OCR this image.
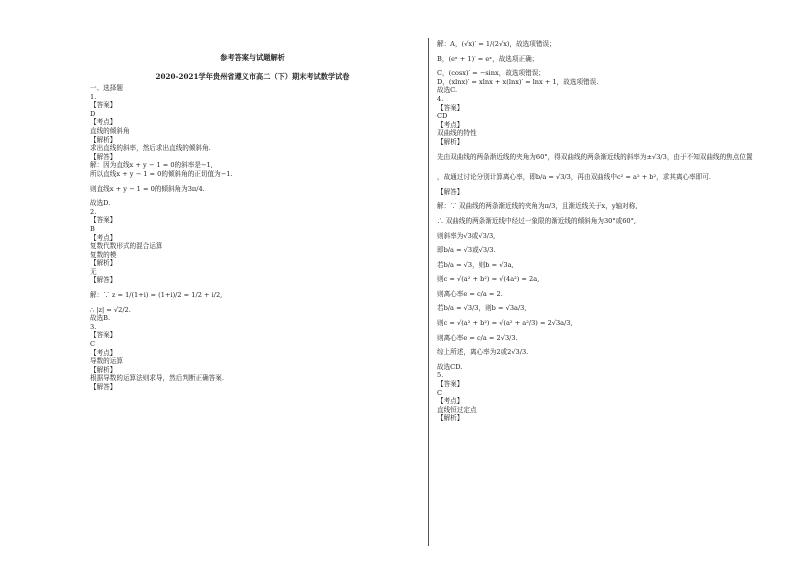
参考答案与试题解析
2020-2021学年贵州省遵义市高二（下）期末考试数学试卷
一、选择题
1.
【答案】
D
【考点】
直线的倾斜角
【解析】
求出直线的斜率，然后求出直线的倾斜角.
【解答】
解：因为直线x + y − 1 = 0的斜率是−1,
所以直线x + y − 1 = 0的倾斜角的正切值为−1.
则直线x + y − 1 = 0的倾斜角为3π/4.
故选D.
2.
【答案】
B
【考点】
复数代数形式的混合运算
复数的模
【解析】
无
【解答】
解：∵ z = 1/(1+i) = (1+i)/2 = 1/2 + i/2,
∴ |z| = √2/2.
故选B.
3.
【答案】
C
【考点】
导数的运算
【解析】
根据导数的运算法则求导，然后判断正确答案.
【解答】
解：A，(√x)′ = 1/(2√x)，故选项错误；
B，(eˣ + 1)′ = eˣ，故选项正确；
C，(cosx)′ = −sinx，故选项错误；
D，(xlnx)′ = xlnx + x(lnx)′ = lnx + 1，故选项错误.
故选C.
4.
【答案】
CD
【考点】
双曲线的特性
【解析】
先由双曲线的两条渐近线的夹角为60°，得双曲线的两条渐近线的斜率为±√3/3，由于不知双曲线的焦点位置
，故通过讨论分别计算离心率，即b/a = √3/3，再由双曲线中c² = a² + b²，求其离心率即可.
【解答】
解：∵ 双曲线的两条渐近线的夹角为π/3，且渐近线关于x，y轴对称,
∴ 双曲线的两条渐近线中经过一象限的渐近线的倾斜角为30°或60°,
则斜率为√3或√3/3,
即b/a = √3或√3/3.
若b/a = √3，则b = √3a,
则c = √(a² + b²) = √(4a²) = 2a,
则离心率e = c/a = 2.
若b/a = √3/3，则b = √3a/3,
则c = √(a² + b²) = √(a² + a²/3) = 2√3a/3,
则离心率e = c/a = 2√3/3.
综上所述，离心率为2或2√3/3.
故选CD.
5.
【答案】
C
【考点】
直线恒过定点
【解析】
